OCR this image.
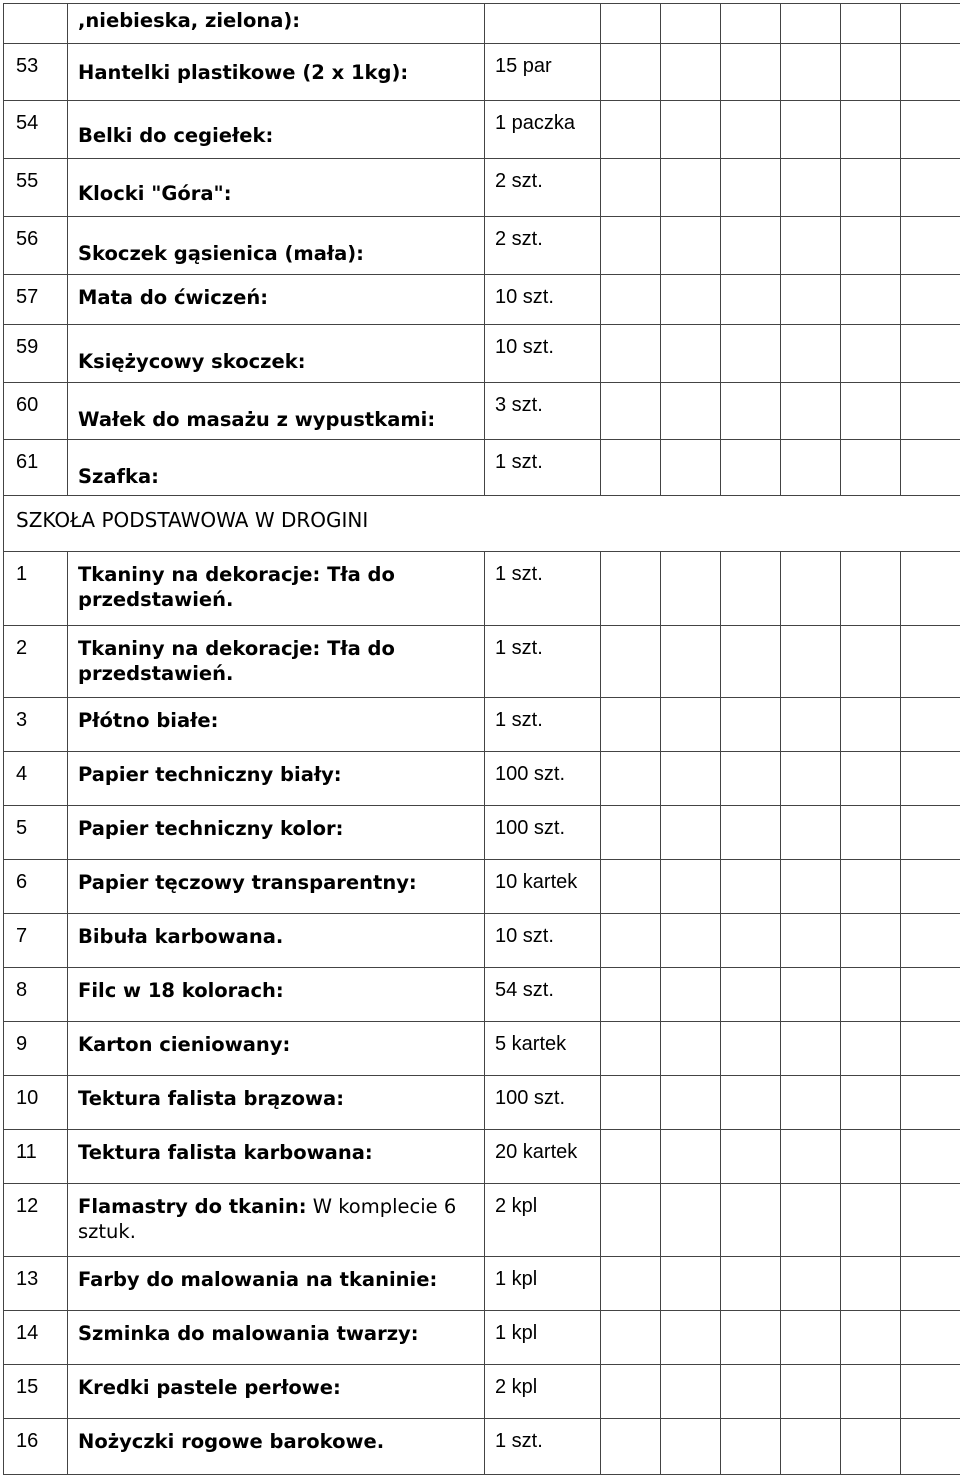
	,niebieska, zielona):							
53	Hantelki plastikowe (2 x 1kg):	15 par						
54	Belki do cegiełek:	1 paczka						
55	Klocki "Góra":	2 szt.						
56	Skoczek gąsienica (mała):	2 szt.						
57	Mata do ćwiczeń:	10 szt.						
59	Księżycowy skoczek:	10 szt.						
60	Wałek do masażu z wypustkami:	3 szt.						
61	Szafka:	1 szt.						
SZKOŁA PODSTAWOWA W DROGINI								
1	Tkaniny na dekoracje: Tła do przedstawień.	1 szt.						
2	Tkaniny na dekoracje: Tła do przedstawień.	1 szt.						
3	Płótno białe:	1 szt.						
4	Papier techniczny biały:	100 szt.						
5	Papier techniczny kolor:	100 szt.						
6	Papier tęczowy transparentny:	10 kartek						
7	Bibuła karbowana.	10 szt.						
8	Filc w 18 kolorach:	54 szt.						
9	Karton cieniowany:	5 kartek						
10	Tektura falista brązowa:	100 szt.						
11	Tektura falista karbowana:	20 kartek						
12	Flamastry do tkanin: W komplecie 6 sztuk.	2 kpl						
13	Farby do malowania na tkaninie:	1 kpl						
14	Szminka do malowania twarzy:	1 kpl						
15	Kredki pastele perłowe:	2 kpl						
16	Nożyczki rogowe barokowe.	1 szt.						
